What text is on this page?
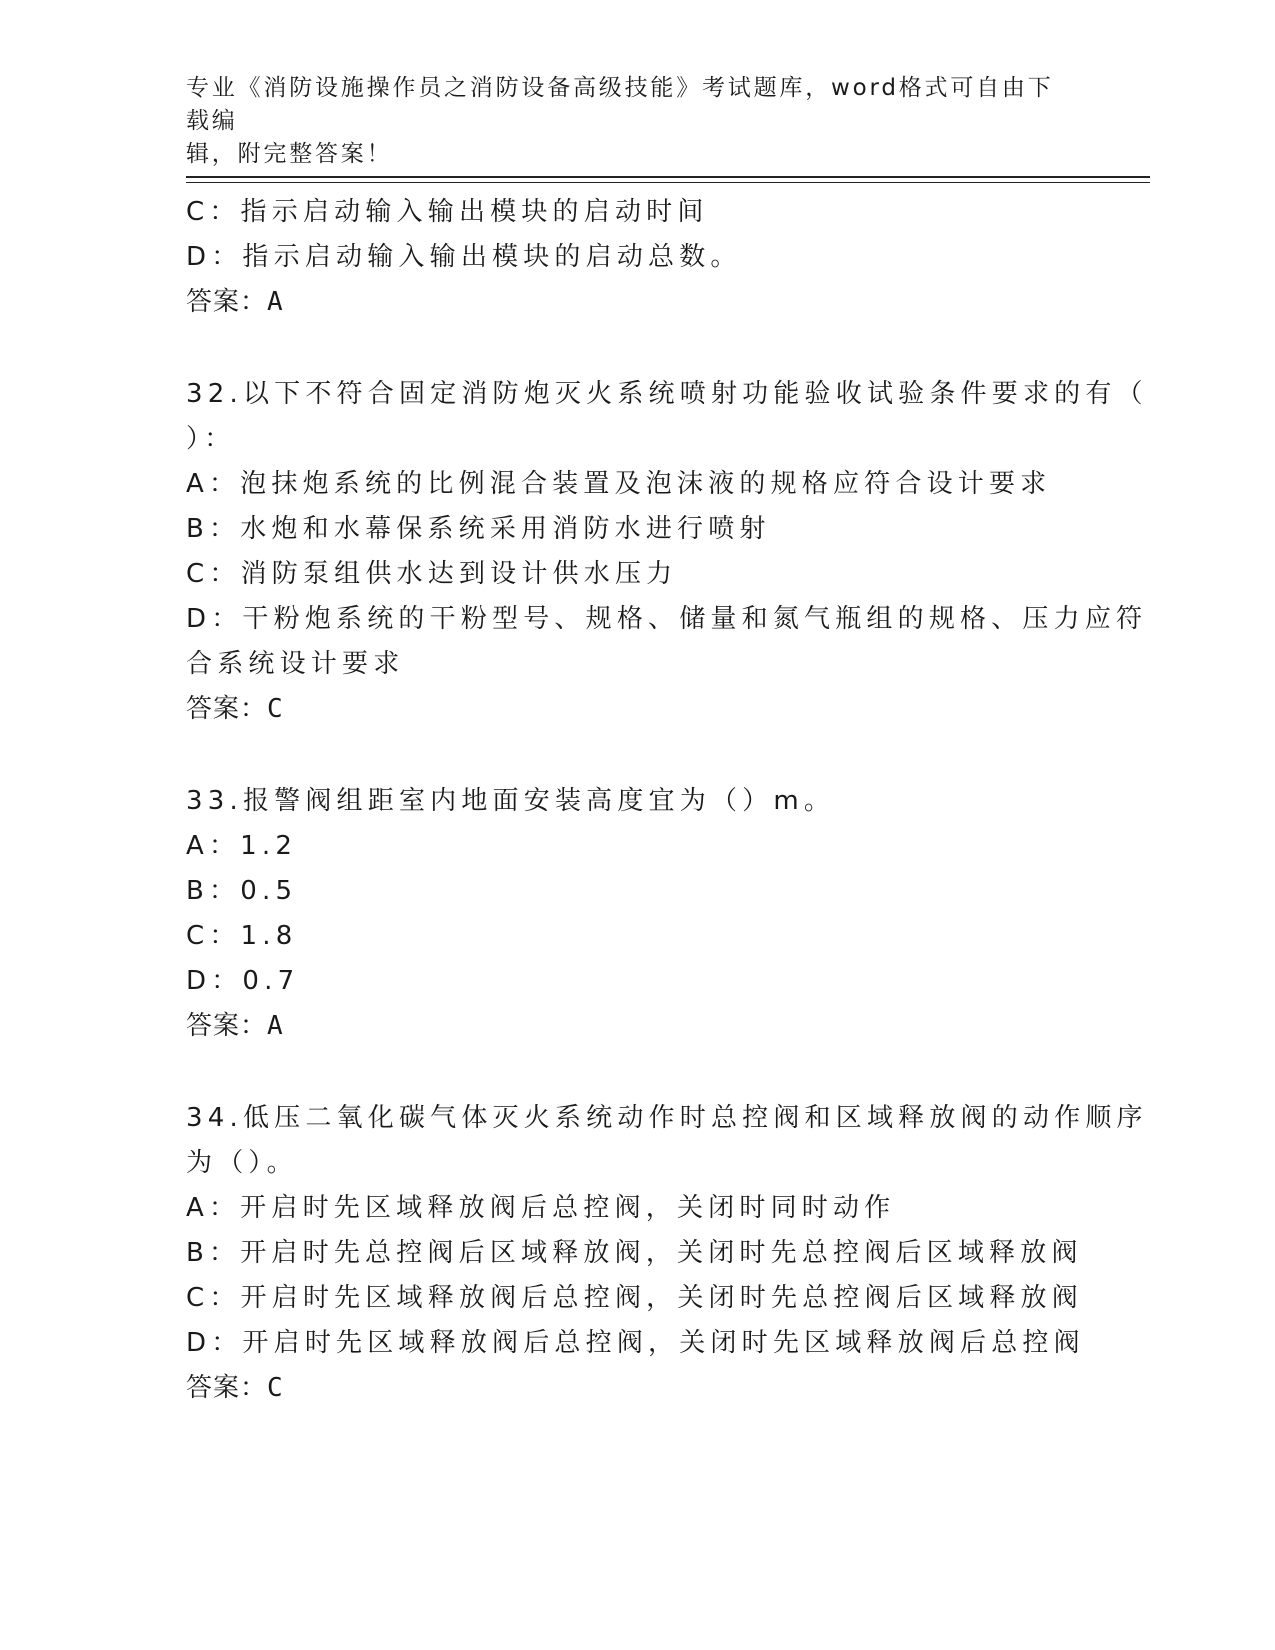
专业《消防设施操作员之消防设备高级技能》考试题库，word格式可自由下载编
辑，附完整答案！
C：指示启动输入输出模块的启动时间
D：指示启动输入输出模块的启动总数。
答案：A
32.以下不符合固定消防炮灭火系统喷射功能验收试验条件要求的有（
）：
A：泡抹炮系统的比例混合装置及泡沫液的规格应符合设计要求
B：水炮和水幕保系统采用消防水进行喷射
C：消防泵组供水达到设计供水压力
D：干粉炮系统的干粉型号、规格、储量和氮气瓶组的规格、压力应符
合系统设计要求
答案：C
33.报警阀组距室内地面安装高度宜为（）m。
A：1.2
B：0.5
C：1.8
D：0.7
答案：A
34.低压二氧化碳气体灭火系统动作时总控阀和区域释放阀的动作顺序
为（）。
A：开启时先区域释放阀后总控阀，关闭时同时动作
B：开启时先总控阀后区域释放阀，关闭时先总控阀后区域释放阀
C：开启时先区域释放阀后总控阀，关闭时先总控阀后区域释放阀
D：开启时先区域释放阀后总控阀，关闭时先区域释放阀后总控阀
答案：C
